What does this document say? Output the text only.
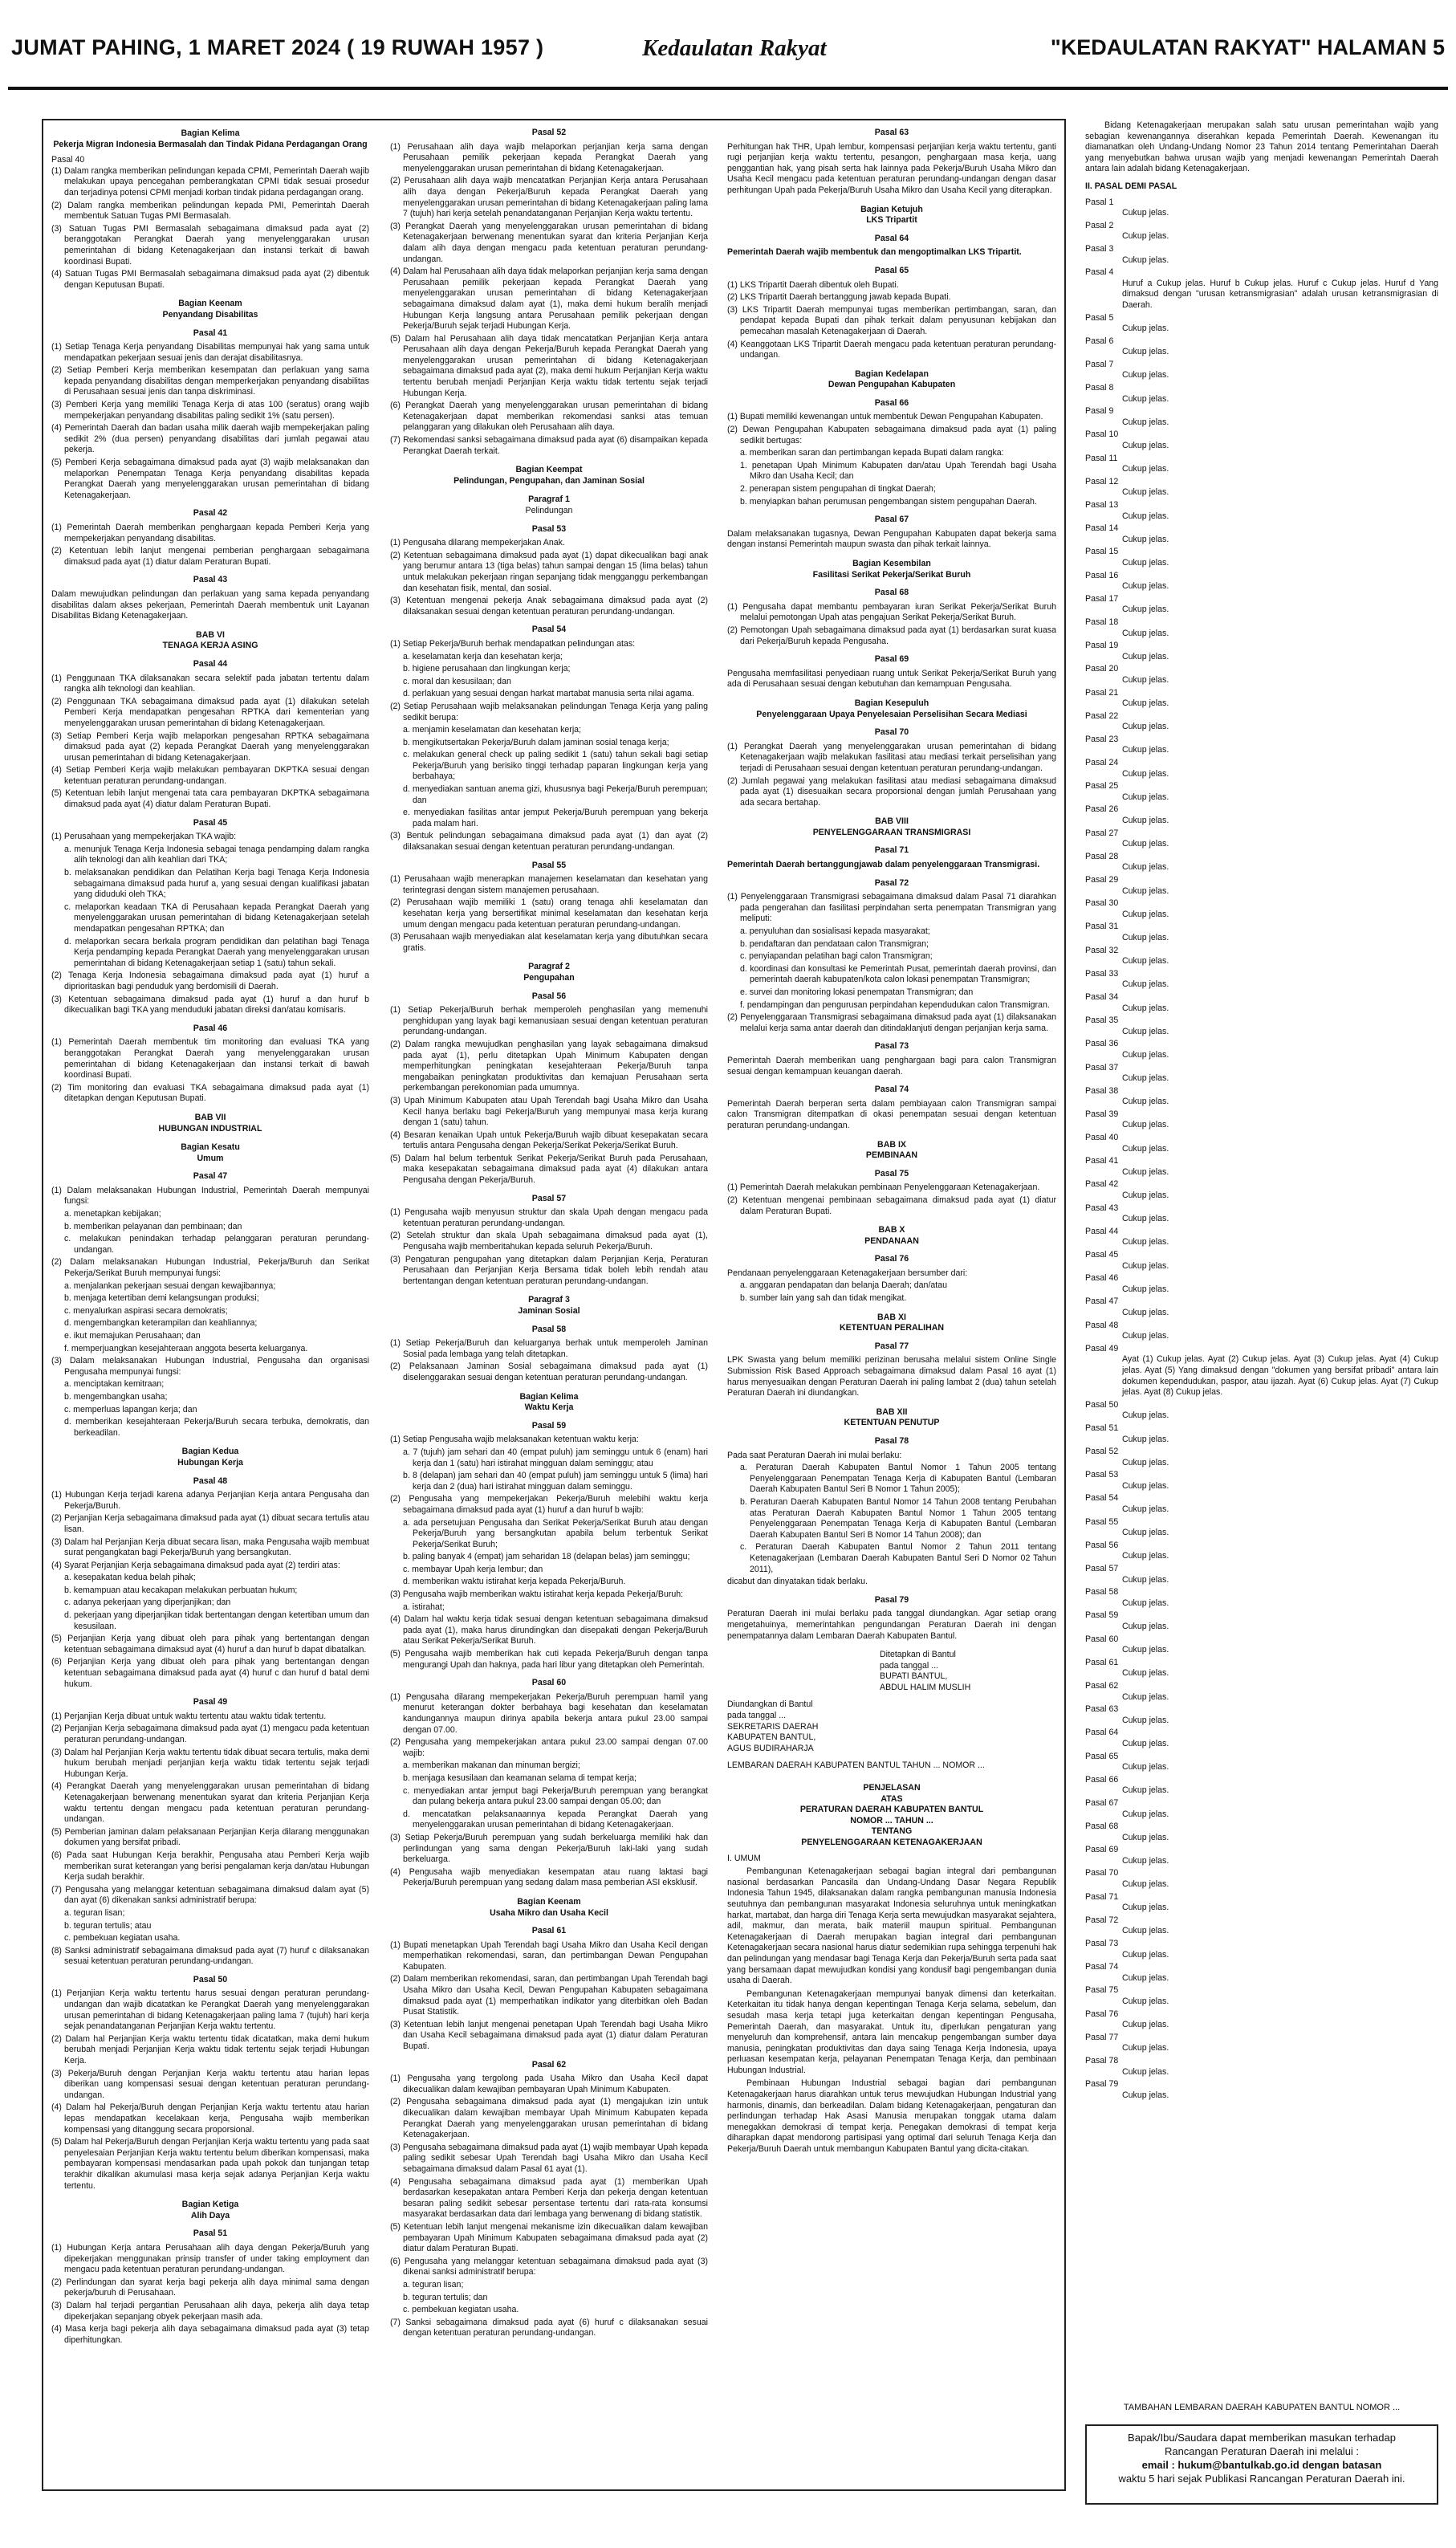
JUMAT PAHING, 1 MARET 2024 ( 19 RUWAH 1957 )	Kedaulatan Rakyat	"KEDAULATAN RAKYAT" HALAMAN 5
Bagian Kelima
Pekerja Migran Indonesia Bermasalah dan Tindak Pidana Perdagangan Orang
Pasal 40
(1) Dalam rangka memberikan pelindungan kepada CPMI, Pemerintah Daerah wajib melakukan upaya pencegahan pemberangkatan CPMI tidak sesuai prosedur dan terjadinya potensi CPMI menjadi korban tindak pidana perdagangan orang.
(2) Dalam rangka memberikan pelindungan kepada PMI, Pemerintah Daerah membentuk Satuan Tugas PMI Bermasalah.
(3) Satuan Tugas PMI Bermasalah sebagaimana dimaksud pada ayat (2) beranggotakan Perangkat Daerah yang menyelenggarakan urusan pemerintahan di bidang Ketenagakerjaan dan instansi terkait di bawah koordinasi Bupati.
(4) Satuan Tugas PMI Bermasalah sebagaimana dimaksud pada ayat (2) dibentuk dengan Keputusan Bupati.
Bagian Keenam
Penyandang Disabilitas
Pasal 41
(1) Setiap Tenaga Kerja penyandang Disabilitas mempunyai hak yang sama untuk mendapatkan pekerjaan sesuai jenis dan derajat disabilitasnya.
(2) Setiap Pemberi Kerja memberikan kesempatan dan perlakuan yang sama kepada penyandang disabilitas dengan memperkerjakan penyandang disabilitas di Perusahaan sesuai jenis dan tanpa diskriminasi.
(3) Pemberi Kerja yang memiliki Tenaga Kerja di atas 100 (seratus) orang wajib mempekerjakan penyandang disabilitas paling sedikit 1% (satu persen).
(4) Pemerintah Daerah dan badan usaha milik daerah wajib mempekerjakan paling sedikit 2% (dua persen) penyandang disabilitas dari jumlah pegawai atau pekerja.
(5) Pemberi Kerja sebagaimana dimaksud pada ayat (3) wajib melaksanakan dan melaporkan Penempatan Tenaga Kerja penyandang disabilitas kepada Perangkat Daerah yang menyelenggarakan urusan pemerintahan di bidang Ketenagakerjaan.
Pasal 42
(1) Pemerintah Daerah memberikan penghargaan kepada Pemberi Kerja yang mempekerjakan penyandang disabilitas.
(2) Ketentuan lebih lanjut mengenai pemberian penghargaan sebagaimana dimaksud pada ayat (1) diatur dalam Peraturan Bupati.
Pasal 43

Dalam mewujudkan pelindungan dan perlakuan yang sama kepada penyandang disabilitas dalam akses pekerjaan, Pemerintah Daerah membentuk unit Layanan Disabilitas Bidang Ketenagakerjaan.

BAB VI
TENAGA KERJA ASING
Pasal 44
(1) Penggunaan TKA dilaksanakan secara selektif pada jabatan tertentu dalam rangka alih teknologi dan keahlian.
(2) Penggunaan TKA sebagaimana dimaksud pada ayat (1) dilakukan setelah Pemberi Kerja mendapatkan pengesahan RPTKA dari kementerian yang menyelenggarakan urusan pemerintahan di bidang Ketenagakerjaan.
(3) Setiap Pemberi Kerja wajib melaporkan pengesahan RPTKA sebagaimana dimaksud pada ayat (2) kepada Perangkat Daerah yang menyelenggarakan urusan pemerintahan di bidang Ketenagakerjaan.
(4) Setiap Pemberi Kerja wajib melakukan pembayaran DKPTKA sesuai dengan ketentuan peraturan perundang-undangan.
(5) Ketentuan lebih lanjut mengenai tata cara pembayaran DKPTKA sebagaimana dimaksud pada ayat (4) diatur dalam Peraturan Bupati.
Pasal 45
(1) Perusahaan yang mempekerjakan TKA wajib:
a. menunjuk Tenaga Kerja Indonesia sebagai tenaga pendamping dalam rangka alih teknologi dan alih keahlian dari TKA;
b. melaksanakan pendidikan dan Pelatihan Kerja bagi Tenaga Kerja Indonesia sebagaimana dimaksud pada huruf a, yang sesuai dengan kualifikasi jabatan yang diduduki oleh TKA;
c. melaporkan keadaan TKA di Perusahaan kepada Perangkat Daerah yang menyelenggarakan urusan pemerintahan di bidang Ketenagakerjaan setelah mendapatkan pengesahan RPTKA; dan
d. melaporkan secara berkala program pendidikan dan pelatihan bagi Tenaga Kerja pendamping kepada Perangkat Daerah yang menyelenggarakan urusan pemerintahan di bidang Ketenagakerjaan setiap 1 (satu) tahun sekali.
(2) Tenaga Kerja Indonesia sebagaimana dimaksud pada ayat (1) huruf a diprioritaskan bagi penduduk yang berdomisili di Daerah.
(3) Ketentuan sebagaimana dimaksud pada ayat (1) huruf a dan huruf b dikecualikan bagi TKA yang menduduki jabatan direksi dan/atau komisaris.
Pasal 46
(1) Pemerintah Daerah membentuk tim monitoring dan evaluasi TKA yang beranggotakan Perangkat Daerah yang menyelenggarakan urusan pemerintahan di bidang Ketenagakerjaan dan instansi terkait di bawah koordinasi Bupati.
(2) Tim monitoring dan evaluasi TKA sebagaimana dimaksud pada ayat (1) ditetapkan dengan Keputusan Bupati.
BAB VII
HUBUNGAN INDUSTRIAL
Bagian Kesatu
Umum
Pasal 47
(1) Dalam melaksanakan Hubungan Industrial, Pemerintah Daerah mempunyai fungsi:
a. menetapkan kebijakan;
b. memberikan pelayanan dan pembinaan; dan
c. melakukan penindakan terhadap pelanggaran peraturan perundang-undangan.
(2) Dalam melaksanakan Hubungan Industrial, Pekerja/Buruh dan Serikat Pekerja/Serikat Buruh mempunyai fungsi:
a. menjalankan pekerjaan sesuai dengan kewajibannya;
b. menjaga ketertiban demi kelangsungan produksi;
c. menyalurkan aspirasi secara demokratis;
d. mengembangkan keterampilan dan keahliannya;
e. ikut memajukan Perusahaan; dan
f. memperjuangkan kesejahteraan anggota beserta keluarganya.
(3) Dalam melaksanakan Hubungan Industrial, Pengusaha dan organisasi Pengusaha mempunyai fungsi:
a. menciptakan kemitraan;
b. mengembangkan usaha;
c. memperluas lapangan kerja; dan
d. memberikan kesejahteraan Pekerja/Buruh secara terbuka, demokratis, dan berkeadilan.
Bagian Kedua
Hubungan Kerja
Pasal 48
(1) Hubungan Kerja terjadi karena adanya Perjanjian Kerja antara Pengusaha dan Pekerja/Buruh.
(2) Perjanjian Kerja sebagaimana dimaksud pada ayat (1) dibuat secara tertulis atau lisan.
(3) Dalam hal Perjanjian Kerja dibuat secara lisan, maka Pengusaha wajib membuat surat pengangkatan bagi Pekerja/Buruh yang bersangkutan.
(4) Syarat Perjanjian Kerja sebagaimana dimaksud pada ayat (2) terdiri atas:
a. kesepakatan kedua belah pihak;
b. kemampuan atau kecakapan melakukan perbuatan hukum;
c. adanya pekerjaan yang diperjanjikan; dan
d. pekerjaan yang diperjanjikan tidak bertentangan dengan ketertiban umum dan kesusilaan.
(5) Perjanjian Kerja yang dibuat oleh para pihak yang bertentangan dengan ketentuan sebagaimana dimaksud ayat (4) huruf a dan huruf b dapat dibatalkan.
(6) Perjanjian Kerja yang dibuat oleh para pihak yang bertentangan dengan ketentuan sebagaimana dimaksud pada ayat (4) huruf c dan huruf d batal demi hukum.
Pasal 49
(1) Perjanjian Kerja dibuat untuk waktu tertentu atau waktu tidak tertentu.
(2) Perjanjian Kerja sebagaimana dimaksud pada ayat (1) mengacu pada ketentuan peraturan perundang-undangan.
(3) Dalam hal Perjanjian Kerja waktu tertentu tidak dibuat secara tertulis, maka demi hukum berubah menjadi perjanjian kerja waktu tidak tertentu sejak terjadi Hubungan Kerja.
(4) Perangkat Daerah yang menyelenggarakan urusan pemerintahan di bidang Ketenagakerjaan berwenang menentukan syarat dan kriteria Perjanjian Kerja waktu tertentu dengan mengacu pada ketentuan peraturan perundang-undangan.
(5) Pemberian jaminan dalam pelaksanaan Perjanjian Kerja dilarang menggunakan dokumen yang bersifat pribadi.
(6) Pada saat Hubungan Kerja berakhir, Pengusaha atau Pemberi Kerja wajib memberikan surat keterangan yang berisi pengalaman kerja dan/atau Hubungan Kerja sudah berakhir.
(7) Pengusaha yang melanggar ketentuan sebagaimana dimaksud dalam ayat (5) dan ayat (6) dikenakan sanksi administratif berupa:
a. teguran lisan;
b. teguran tertulis; atau
c. pembekuan kegiatan usaha.
(8) Sanksi administratif sebagaimana dimaksud pada ayat (7) huruf c dilaksanakan sesuai ketentuan peraturan perundang-undangan.
Pasal 50
(1) Perjanjian Kerja waktu tertentu harus sesuai dengan peraturan perundang-undangan dan wajib dicatatkan ke Perangkat Daerah yang menyelenggarakan urusan pemerintahan di bidang Ketenagakerjaan paling lama 7 (tujuh) hari kerja sejak penandatanganan Perjanjian Kerja waktu tertentu.
(2) Dalam hal Perjanjian Kerja waktu tertentu tidak dicatatkan, maka demi hukum berubah menjadi Perjanjian Kerja waktu tidak tertentu sejak terjadi Hubungan Kerja.
(3) Pekerja/Buruh dengan Perjanjian Kerja waktu tertentu atau harian lepas diberikan uang kompensasi sesuai dengan ketentuan peraturan perundang-undangan.
(4) Dalam hal Pekerja/Buruh dengan Perjanjian Kerja waktu tertentu atau harian lepas mendapatkan kecelakaan kerja, Pengusaha wajib memberikan kompensasi yang ditanggung secara proporsional.
(5) Dalam hal Pekerja/Buruh dengan Perjanjian Kerja waktu tertentu yang pada saat penyelesaian Perjanjian Kerja waktu tertentu belum diberikan kompensasi, maka pembayaran kompensasi mendasarkan pada upah pokok dan tunjangan tetap terakhir dikalikan akumulasi masa kerja sejak adanya Perjanjian Kerja waktu tertentu.
Bagian Ketiga
Alih Daya
Pasal 51
(1) Hubungan Kerja antara Perusahaan alih daya dengan Pekerja/Buruh yang dipekerjakan menggunakan prinsip transfer of under taking employment dan mengacu pada ketentuan peraturan perundang-undangan.
(2) Perlindungan dan syarat kerja bagi pekerja alih daya minimal sama dengan pekerja/buruh di Perusahaan.
(3) Dalam hal terjadi pergantian Perusahaan alih daya, pekerja alih daya tetap dipekerjakan sepanjang obyek pekerjaan masih ada.
(4) Masa kerja bagi pekerja alih daya sebagaimana dimaksud pada ayat (3) tetap diperhitungkan.
Pasal 52
(1) Perusahaan alih daya wajib melaporkan perjanjian kerja sama dengan Perusahaan pemilik pekerjaan kepada Perangkat Daerah yang menyelenggarakan urusan pemerintahan di bidang Ketenagakerjaan.
(2) Perusahaan alih daya wajib mencatatkan Perjanjian Kerja antara Perusahaan alih daya dengan Pekerja/Buruh kepada Perangkat Daerah yang menyelenggarakan urusan pemerintahan di bidang Ketenagakerjaan paling lama 7 (tujuh) hari kerja setelah penandatanganan Perjanjian Kerja waktu tertentu.
(3) Perangkat Daerah yang menyelenggarakan urusan pemerintahan di bidang Ketenagakerjaan berwenang menentukan syarat dan kriteria Perjanjian Kerja dalam alih daya dengan mengacu pada ketentuan peraturan perundang-undangan.
(4) Dalam hal Perusahaan alih daya tidak melaporkan perjanjian kerja sama dengan Perusahaan pemilik pekerjaan kepada Perangkat Daerah yang menyelenggarakan urusan pemerintahan di bidang Ketenagakerjaan sebagaimana dimaksud dalam ayat (1), maka demi hukum beralih menjadi Hubungan Kerja langsung antara Perusahaan pemilik pekerjaan dengan Pekerja/Buruh sejak terjadi Hubungan Kerja.
(5) Dalam hal Perusahaan alih daya tidak mencatatkan Perjanjian Kerja antara Perusahaan alih daya dengan Pekerja/Buruh kepada Perangkat Daerah yang menyelenggarakan urusan pemerintahan di bidang Ketenagakerjaan sebagaimana dimaksud pada ayat (2), maka demi hukum Perjanjian Kerja waktu tertentu berubah menjadi Perjanjian Kerja waktu tidak tertentu sejak terjadi Hubungan Kerja.
(6) Perangkat Daerah yang menyelenggarakan urusan pemerintahan di bidang Ketenagakerjaan dapat memberikan rekomendasi sanksi atas temuan pelanggaran yang dilakukan oleh Perusahaan alih daya.
(7) Rekomendasi sanksi sebagaimana dimaksud pada ayat (6) disampaikan kepada Perangkat Daerah terkait.
Bagian Keempat
Pelindungan, Pengupahan, dan Jaminan Sosial
Paragraf 1
Pelindungan
Pasal 53
(1) Pengusaha dilarang mempekerjakan Anak.
(2) Ketentuan sebagaimana dimaksud pada ayat (1) dapat dikecualikan bagi anak yang berumur antara 13 (tiga belas) tahun sampai dengan 15 (lima belas) tahun untuk melakukan pekerjaan ringan sepanjang tidak mengganggu perkembangan dan kesehatan fisik, mental, dan sosial.
(3) Ketentuan mengenai pekerja Anak sebagaimana dimaksud pada ayat (2) dilaksanakan sesuai dengan ketentuan peraturan perundang-undangan.
Pasal 54
(1) Setiap Pekerja/Buruh berhak mendapatkan pelindungan atas:
a. keselamatan kerja dan kesehatan kerja;
b. higiene perusahaan dan lingkungan kerja;
c. moral dan kesusilaan; dan
d. perlakuan yang sesuai dengan harkat martabat manusia serta nilai agama.
(2) Setiap Perusahaan wajib melaksanakan pelindungan Tenaga Kerja yang paling sedikit berupa:
a. menjamin keselamatan dan kesehatan kerja;
b. mengikutsertakan Pekerja/Buruh dalam jaminan sosial tenaga kerja;
c. melakukan general check up paling sedikit 1 (satu) tahun sekali bagi setiap Pekerja/Buruh yang berisiko tinggi terhadap paparan lingkungan kerja yang berbahaya;
d. menyediakan santuan anema gizi, khususnya bagi Pekerja/Buruh perempuan; dan
e. menyediakan fasilitas antar jemput Pekerja/Buruh perempuan yang bekerja pada malam hari.
(3) Bentuk pelindungan sebagaimana dimaksud pada ayat (1) dan ayat (2) dilaksanakan sesuai dengan ketentuan peraturan perundang-undangan.
Pasal 55
(1) Perusahaan wajib menerapkan manajemen keselamatan dan kesehatan yang terintegrasi dengan sistem manajemen perusahaan.
(2) Perusahaan wajib memiliki 1 (satu) orang tenaga ahli keselamatan dan kesehatan kerja yang bersertifikat minimal keselamatan dan kesehatan kerja umum dengan mengacu pada ketentuan peraturan perundang-undangan.
(3) Perusahaan wajib menyediakan alat keselamatan kerja yang dibutuhkan secara gratis.
Paragraf 2
Pengupahan
Pasal 56
(1) Setiap Pekerja/Buruh berhak memperoleh penghasilan yang memenuhi penghidupan yang layak bagi kemanusiaan sesuai dengan ketentuan peraturan perundang-undangan.
(2) Dalam rangka mewujudkan penghasilan yang layak sebagaimana dimaksud pada ayat (1), perlu ditetapkan Upah Minimum Kabupaten dengan memperhitungkan peningkatan kesejahteraan Pekerja/Buruh tanpa mengabaikan peningkatan produktivitas dan kemajuan Perusahaan serta perkembangan perekonomian pada umumnya.
(3) Upah Minimum Kabupaten atau Upah Terendah bagi Usaha Mikro dan Usaha Kecil hanya berlaku bagi Pekerja/Buruh yang mempunyai masa kerja kurang dengan 1 (satu) tahun.
(4) Besaran kenaikan Upah untuk Pekerja/Buruh wajib dibuat kesepakatan secara tertulis antara Pengusaha dengan Pekerja/Serikat Pekerja/Serikat Buruh.
(5) Dalam hal belum terbentuk Serikat Pekerja/Serikat Buruh pada Perusahaan, maka kesepakatan sebagaimana dimaksud pada ayat (4) dilakukan antara Pengusaha dengan Pekerja/Buruh.
Pasal 57
(1) Pengusaha wajib menyusun struktur dan skala Upah dengan mengacu pada ketentuan peraturan perundang-undangan.
(2) Setelah struktur dan skala Upah sebagaimana dimaksud pada ayat (1), Pengusaha wajib memberitahukan kepada seluruh Pekerja/Buruh.
(3) Pengaturan pengupahan yang ditetapkan dalam Perjanjian Kerja, Peraturan Perusahaan dan Perjanjian Kerja Bersama tidak boleh lebih rendah atau bertentangan dengan ketentuan peraturan perundang-undangan.
Paragraf 3
Jaminan Sosial
Pasal 58
(1) Setiap Pekerja/Buruh dan keluarganya berhak untuk memperoleh Jaminan Sosial pada lembaga yang telah ditetapkan.
(2) Pelaksanaan Jaminan Sosial sebagaimana dimaksud pada ayat (1) diselenggarakan sesuai dengan ketentuan peraturan perundang-undangan.
Bagian Kelima
Waktu Kerja
Pasal 59
(1) Setiap Pengusaha wajib melaksanakan ketentuan waktu kerja:
a. 7 (tujuh) jam sehari dan 40 (empat puluh) jam seminggu untuk 6 (enam) hari kerja dan 1 (satu) hari istirahat mingguan dalam seminggu; atau
b. 8 (delapan) jam sehari dan 40 (empat puluh) jam seminggu untuk 5 (lima) hari kerja dan 2 (dua) hari istirahat mingguan dalam seminggu.
(2) Pengusaha yang mempekerjakan Pekerja/Buruh melebihi waktu kerja sebagaimana dimaksud pada ayat (1) huruf a dan huruf b wajib:
a. ada persetujuan Pengusaha dan Serikat Pekerja/Serikat Buruh atau dengan Pekerja/Buruh yang bersangkutan apabila belum terbentuk Serikat Pekerja/Serikat Buruh;
b. paling banyak 4 (empat) jam seharidan 18 (delapan belas) jam seminggu;
c. membayar Upah kerja lembur; dan
d. memberikan waktu istirahat kerja kepada Pekerja/Buruh.
(3) Pengusaha wajib memberikan waktu istirahat kerja kepada Pekerja/Buruh:
a. istirahat;
(4) Dalam hal waktu kerja tidak sesuai dengan ketentuan sebagaimana dimaksud pada ayat (1), maka harus dirundingkan dan disepakati dengan Pekerja/Buruh atau Serikat Pekerja/Serikat Buruh.
(5) Pengusaha wajib memberikan hak cuti kepada Pekerja/Buruh dengan tanpa mengurangi Upah dan haknya, pada hari libur yang ditetapkan oleh Pemerintah.
Pasal 60
(1) Pengusaha dilarang mempekerjakan Pekerja/Buruh perempuan hamil yang menurut keterangan dokter berbahaya bagi kesehatan dan keselamatan kandungannya maupun dirinya apabila bekerja antara pukul 23.00 sampai dengan 07.00.
(2) Pengusaha yang mempekerjakan antara pukul 23.00 sampai dengan 07.00 wajib:
a. memberikan makanan dan minuman bergizi;
b. menjaga kesusilaan dan keamanan selama di tempat kerja;
c. menyediakan antar jemput bagi Pekerja/Buruh perempuan yang berangkat dan pulang bekerja antara pukul 23.00 sampai dengan 05.00; dan
d. mencatatkan pelaksanaannya kepada Perangkat Daerah yang menyelenggarakan urusan pemerintahan di bidang Ketenagakerjaan.
(3) Setiap Pekerja/Buruh perempuan yang sudah berkeluarga memiliki hak dan perlindungan yang sama dengan Pekerja/Buruh laki-laki yang sudah berkeluarga.
(4) Pengusaha wajib menyediakan kesempatan atau ruang laktasi bagi Pekerja/Buruh perempuan yang sedang dalam masa pemberian ASI eksklusif.
Bagian Keenam
Usaha Mikro dan Usaha Kecil
Pasal 61
(1) Bupati menetapkan Upah Terendah bagi Usaha Mikro dan Usaha Kecil dengan memperhatikan rekomendasi, saran, dan pertimbangan Dewan Pengupahan Kabupaten.
(2) Dalam memberikan rekomendasi, saran, dan pertimbangan Upah Terendah bagi Usaha Mikro dan Usaha Kecil, Dewan Pengupahan Kabupaten sebagaimana dimaksud pada ayat (1) memperhatikan indikator yang diterbitkan oleh Badan Pusat Statistik.
(3) Ketentuan lebih lanjut mengenai penetapan Upah Terendah bagi Usaha Mikro dan Usaha Kecil sebagaimana dimaksud pada ayat (1) diatur dalam Peraturan Bupati.
Pasal 62
(1) Pengusaha yang tergolong pada Usaha Mikro dan Usaha Kecil dapat dikecualikan dalam kewajiban pembayaran Upah Minimum Kabupaten.
(2) Pengusaha sebagaimana dimaksud pada ayat (1) mengajukan izin untuk dikecualikan dalam kewajiban membayar Upah Minimum Kabupaten kepada Perangkat Daerah yang menyelenggarakan urusan pemerintahan di bidang Ketenagakerjaan.
(3) Pengusaha sebagaimana dimaksud pada ayat (1) wajib membayar Upah kepada paling sedikit sebesar Upah Terendah bagi Usaha Mikro dan Usaha Kecil sebagaimana dimaksud dalam Pasal 61 ayat (1).
(4) Pengusaha sebagaimana dimaksud pada ayat (1) memberikan Upah berdasarkan kesepakatan antara Pemberi Kerja dan pekerja dengan ketentuan besaran paling sedikit sebesar persentase tertentu dari rata-rata konsumsi masyarakat berdasarkan data dari lembaga yang berwenang di bidang statistik.
(5) Ketentuan lebih lanjut mengenai mekanisme izin dikecualikan dalam kewajiban pembayaran Upah Minimum Kabupaten sebagaimana dimaksud pada ayat (2) diatur dalam Peraturan Bupati.
(6) Pengusaha yang melanggar ketentuan sebagaimana dimaksud pada ayat (3) dikenai sanksi administratif berupa:
a. teguran lisan;
b. teguran tertulis; dan
c. pembekuan kegiatan usaha.
(7) Sanksi sebagaimana dimaksud pada ayat (6) huruf c dilaksanakan sesuai dengan ketentuan peraturan perundang-undangan.
Pasal 63

Perhitungan hak THR, Upah lembur, kompensasi perjanjian kerja waktu tertentu, ganti rugi perjanjian kerja waktu tertentu, pesangon, penghargaan masa kerja, uang penggantian hak, yang pisah serta hak lainnya pada Pekerja/Buruh Usaha Mikro dan Usaha Kecil mengacu pada ketentuan peraturan perundang-undangan dengan dasar perhitungan Upah pada Pekerja/Buruh Usaha Mikro dan Usaha Kecil yang diterapkan.

Bagian Ketujuh
LKS Tripartit
Pasal 64

Pemerintah Daerah wajib membentuk dan mengoptimalkan LKS Tripartit.

Pasal 65
(1) LKS Tripartit Daerah dibentuk oleh Bupati.
(2) LKS Tripartit Daerah bertanggung jawab kepada Bupati.
(3) LKS Tripartit Daerah mempunyai tugas memberikan pertimbangan, saran, dan pendapat kepada Bupati dan pihak terkait dalam penyusunan kebijakan dan pemecahan masalah Ketenagakerjaan di Daerah.
(4) Keanggotaan LKS Tripartit Daerah mengacu pada ketentuan peraturan perundang-undangan.
Bagian Kedelapan
Dewan Pengupahan Kabupaten
Pasal 66
(1) Bupati memiliki kewenangan untuk membentuk Dewan Pengupahan Kabupaten.
(2) Dewan Pengupahan Kabupaten sebagaimana dimaksud pada ayat (1) paling sedikit bertugas:
a. memberikan saran dan pertimbangan kepada Bupati dalam rangka:
1. penetapan Upah Minimum Kabupaten dan/atau Upah Terendah bagi Usaha Mikro dan Usaha Kecil; dan
2. penerapan sistem pengupahan di tingkat Daerah;
b. menyiapkan bahan perumusan pengembangan sistem pengupahan Daerah.
Pasal 67

Dalam melaksanakan tugasnya, Dewan Pengupahan Kabupaten dapat bekerja sama dengan instansi Pemerintah maupun swasta dan pihak terkait lainnya.

Bagian Kesembilan
Fasilitasi Serikat Pekerja/Serikat Buruh
Pasal 68
(1) Pengusaha dapat membantu pembayaran iuran Serikat Pekerja/Serikat Buruh melalui pemotongan Upah atas pengajuan Serikat Pekerja/Serikat Buruh.
(2) Pemotongan Upah sebagaimana dimaksud pada ayat (1) berdasarkan surat kuasa dari Pekerja/Buruh kepada Pengusaha.
Pasal 69

Pengusaha memfasilitasi penyediaan ruang untuk Serikat Pekerja/Serikat Buruh yang ada di Perusahaan sesuai dengan kebutuhan dan kemampuan Pengusaha.

Bagian Kesepuluh
Penyelenggaraan Upaya Penyelesaian Perselisihan Secara Mediasi
Pasal 70
(1) Perangkat Daerah yang menyelenggarakan urusan pemerintahan di bidang Ketenagakerjaan wajib melakukan fasilitasi atau mediasi terkait perselisihan yang terjadi di Perusahaan sesuai dengan ketentuan peraturan perundang-undangan.
(2) Jumlah pegawai yang melakukan fasilitasi atau mediasi sebagaimana dimaksud pada ayat (1) disesuaikan secara proporsional dengan jumlah Perusahaan yang ada secara bertahap.
BAB VIII
PENYELENGGARAAN TRANSMIGRASI
Pasal 71

Pemerintah Daerah bertanggungjawab dalam penyelenggaraan Transmigrasi.

Pasal 72
(1) Penyelenggaraan Transmigrasi sebagaimana dimaksud dalam Pasal 71 diarahkan pada pengerahan dan fasilitasi perpindahan serta penempatan Transmigran yang meliputi:
a. penyuluhan dan sosialisasi kepada masyarakat;
b. pendaftaran dan pendataan calon Transmigran;
c. penyiapandan pelatihan bagi calon Transmigran;
d. koordinasi dan konsultasi ke Pemerintah Pusat, pemerintah daerah provinsi, dan pemerintah daerah kabupaten/kota calon lokasi penempatan Transmigran;
e. survei dan monitoring lokasi penempatan Transmigran; dan
f. pendampingan dan pengurusan perpindahan kependudukan calon Transmigran.
(2) Penyelenggaraan Transmigrasi sebagaimana dimaksud pada ayat (1) dilaksanakan melalui kerja sama antar daerah dan ditindaklanjuti dengan perjanjian kerja sama.
Pasal 73

Pemerintah Daerah memberikan uang penghargaan bagi para calon Transmigran sesuai dengan kemampuan keuangan daerah.

Pasal 74

Pemerintah Daerah berperan serta dalam pembiayaan calon Transmigran sampai calon Transmigran ditempatkan di okasi penempatan sesuai dengan ketentuan peraturan perundang-undangan.

BAB IX
PEMBINAAN
Pasal 75
(1) Pemerintah Daerah melakukan pembinaan Penyelenggaraan Ketenagakerjaan.
(2) Ketentuan mengenai pembinaan sebagaimana dimaksud pada ayat (1) diatur dalam Peraturan Bupati.
BAB X
PENDANAAN
Pasal 76
Pendanaan penyelenggaraan Ketenagakerjaan bersumber dari:
a. anggaran pendapatan dan belanja Daerah; dan/atau
b. sumber lain yang sah dan tidak mengikat.
BAB XI
KETENTUAN PERALIHAN
Pasal 77

LPK Swasta yang belum memiliki perizinan berusaha melalui sistem Online Single Submission Risk Based Approach sebagaimana dimaksud dalam Pasal 16 ayat (1) harus menyesuaikan dengan Peraturan Daerah ini paling lambat 2 (dua) tahun setelah Peraturan Daerah ini diundangkan.

BAB XII
KETENTUAN PENUTUP
Pasal 78
Pada saat Peraturan Daerah ini mulai berlaku:
a. Peraturan Daerah Kabupaten Bantul Nomor 1 Tahun 2005 tentang Penyelenggaraan Penempatan Tenaga Kerja di Kabupaten Bantul (Lembaran Daerah Kabupaten Bantul Seri B Nomor 1 Tahun 2005);
b. Peraturan Daerah Kabupaten Bantul Nomor 14 Tahun 2008 tentang Perubahan atas Peraturan Daerah Kabupaten Bantul Nomor 1 Tahun 2005 tentang Penyelenggaraan Penempatan Tenaga Kerja di Kabupaten Bantul (Lembaran Daerah Kabupaten Bantul Seri B Nomor 14 Tahun 2008); dan
c. Peraturan Daerah Kabupaten Bantul Nomor 2 Tahun 2011 tentang Ketenagakerjaan (Lembaran Daerah Kabupaten Bantul Seri D Nomor 02 Tahun 2011),
dicabut dan dinyatakan tidak berlaku.
Pasal 79

Peraturan Daerah ini mulai berlaku pada tanggal diundangkan. Agar setiap orang mengetahuinya, memerintahkan pengundangan Peraturan Daerah ini dengan penempatannya dalam Lembaran Daerah Kabupaten Bantul.

Ditetapkan di Bantul
pada tanggal ...
BUPATI BANTUL,
ABDUL HALIM MUSLIH
Diundangkan di Bantul
pada tanggal ...
SEKRETARIS DAERAH
KABUPATEN BANTUL,
AGUS BUDIRAHARJA

LEMBARAN DAERAH KABUPATEN BANTUL TAHUN ... NOMOR ...

PENJELASAN
ATAS
PERATURAN DAERAH KABUPATEN BANTUL
NOMOR ... TAHUN ...
TENTANG
PENYELENGGARAAN KETENAGAKERJAAN

I. UMUM

Pembangunan Ketenagakerjaan sebagai bagian integral dari pembangunan nasional berdasarkan Pancasila dan Undang-Undang Dasar Negara Republik Indonesia Tahun 1945, dilaksanakan dalam rangka pembangunan manusia Indonesia seutuhnya dan pembangunan masyarakat Indonesia seluruhnya untuk meningkatkan harkat, martabat, dan harga diri Tenaga Kerja serta mewujudkan masyarakat sejahtera, adil, makmur, dan merata, baik materiil maupun spiritual. Pembangunan Ketenagakerjaan di Daerah merupakan bagian integral dari pembangunan Ketenagakerjaan secara nasional harus diatur sedemikian rupa sehingga terpenuhi hak dan pelindungan yang mendasar bagi Tenaga Kerja dan Pekerja/Buruh serta pada saat yang bersamaan dapat mewujudkan kondisi yang kondusif bagi pengembangan dunia usaha di Daerah.
Pembangunan Ketenagakerjaan mempunyai banyak dimensi dan keterkaitan. Keterkaitan itu tidak hanya dengan kepentingan Tenaga Kerja selama, sebelum, dan sesudah masa kerja tetapi juga keterkaitan dengan kepentingan Pengusaha, Pemerintah Daerah, dan masyarakat. Untuk itu, diperlukan pengaturan yang menyeluruh dan komprehensif, antara lain mencakup pengembangan sumber daya manusia, peningkatan produktivitas dan daya saing Tenaga Kerja Indonesia, upaya perluasan kesempatan kerja, pelayanan Penempatan Tenaga Kerja, dan pembinaan Hubungan Industrial.
Pembinaan Hubungan Industrial sebagai bagian dari pembangunan Ketenagakerjaan harus diarahkan untuk terus mewujudkan Hubungan Industrial yang harmonis, dinamis, dan berkeadilan. Dalam bidang Ketenagakerjaan, pengaturan dan perlindungan terhadap Hak Asasi Manusia merupakan tonggak utama dalam menegakkan demokrasi di tempat kerja. Penegakan demokrasi di tempat kerja diharapkan dapat mendorong partisipasi yang optimal dari seluruh Tenaga Kerja dan Pekerja/Buruh Daerah untuk membangun Kabupaten Bantul yang dicita-citakan.

Bidang Ketenagakerjaan merupakan salah satu urusan pemerintahan wajib yang sebagian kewenangannya diserahkan kepada Pemerintah Daerah. Kewenangan itu diamanatkan oleh Undang-Undang Nomor 23 Tahun 2014 tentang Pemerintahan Daerah yang menyebutkan bahwa urusan wajib yang menjadi kewenangan Pemerintah Daerah antara lain adalah bidang Ketenagakerjaan.

II. PASAL DEMI PASAL

Pasal 1
Cukup jelas.
Pasal 2
Cukup jelas.
Pasal 3
Cukup jelas.
Pasal 4
Huruf a Cukup jelas. Huruf b Cukup jelas. Huruf c Cukup jelas. Huruf d Yang dimaksud dengan "urusan ketransmigrasian" adalah urusan ketransmigrasian di Daerah.
Pasal 5
Cukup jelas.
Pasal 6
Cukup jelas.
Pasal 7
Cukup jelas.
Pasal 8
Cukup jelas.
Pasal 9
Cukup jelas.
Pasal 10
Cukup jelas.
Pasal 11
Cukup jelas.
Pasal 12
Cukup jelas.
Pasal 13
Cukup jelas.
Pasal 14
Cukup jelas.
Pasal 15
Cukup jelas.
Pasal 16
Cukup jelas.
Pasal 17
Cukup jelas.
Pasal 18
Cukup jelas.
Pasal 19
Cukup jelas.
Pasal 20
Cukup jelas.
Pasal 21
Cukup jelas.
Pasal 22
Cukup jelas.
Pasal 23
Cukup jelas.
Pasal 24
Cukup jelas.
Pasal 25
Cukup jelas.
Pasal 26
Cukup jelas.
Pasal 27
Cukup jelas.
Pasal 28
Cukup jelas.
Pasal 29
Cukup jelas.
Pasal 30
Cukup jelas.
Pasal 31
Cukup jelas.
Pasal 32
Cukup jelas.
Pasal 33
Cukup jelas.
Pasal 34
Cukup jelas.
Pasal 35
Cukup jelas.
Pasal 36
Cukup jelas.
Pasal 37
Cukup jelas.
Pasal 38
Cukup jelas.
Pasal 39
Cukup jelas.
Pasal 40
Cukup jelas.
Pasal 41
Cukup jelas.
Pasal 42
Cukup jelas.
Pasal 43
Cukup jelas.
Pasal 44
Cukup jelas.
Pasal 45
Cukup jelas.
Pasal 46
Cukup jelas.
Pasal 47
Cukup jelas.
Pasal 48
Cukup jelas.
Pasal 49
Ayat (1) Cukup jelas. Ayat (2) Cukup jelas. Ayat (3) Cukup jelas. Ayat (4) Cukup jelas. Ayat (5) Yang dimaksud dengan "dokumen yang bersifat pribadi" antara lain dokumen kependudukan, paspor, atau ijazah. Ayat (6) Cukup jelas. Ayat (7) Cukup jelas. Ayat (8) Cukup jelas.
Pasal 50
Cukup jelas.
Pasal 51
Cukup jelas.
Pasal 52
Cukup jelas.
Pasal 53
Cukup jelas.
Pasal 54
Cukup jelas.
Pasal 55
Cukup jelas.
Pasal 56
Cukup jelas.
Pasal 57
Cukup jelas.
Pasal 58
Cukup jelas.
Pasal 59
Cukup jelas.
Pasal 60
Cukup jelas.
Pasal 61
Cukup jelas.
Pasal 62
Cukup jelas.
Pasal 63
Cukup jelas.
Pasal 64
Cukup jelas.
Pasal 65
Cukup jelas.
Pasal 66
Cukup jelas.
Pasal 67
Cukup jelas.
Pasal 68
Cukup jelas.
Pasal 69
Cukup jelas.
Pasal 70
Cukup jelas.
Pasal 71
Cukup jelas.
Pasal 72
Cukup jelas.
Pasal 73
Cukup jelas.
Pasal 74
Cukup jelas.
Pasal 75
Cukup jelas.
Pasal 76
Cukup jelas.
Pasal 77
Cukup jelas.
Pasal 78
Cukup jelas.
Pasal 79
Cukup jelas.
TAMBAHAN LEMBARAN DAERAH KABUPATEN BANTUL NOMOR ...
Bapak/Ibu/Saudara dapat memberikan masukan terhadap
Rancangan Peraturan Daerah ini melalui :
email : hukum@bantulkab.go.id dengan batasan
waktu 5 hari sejak Publikasi Rancangan Peraturan Daerah ini.
